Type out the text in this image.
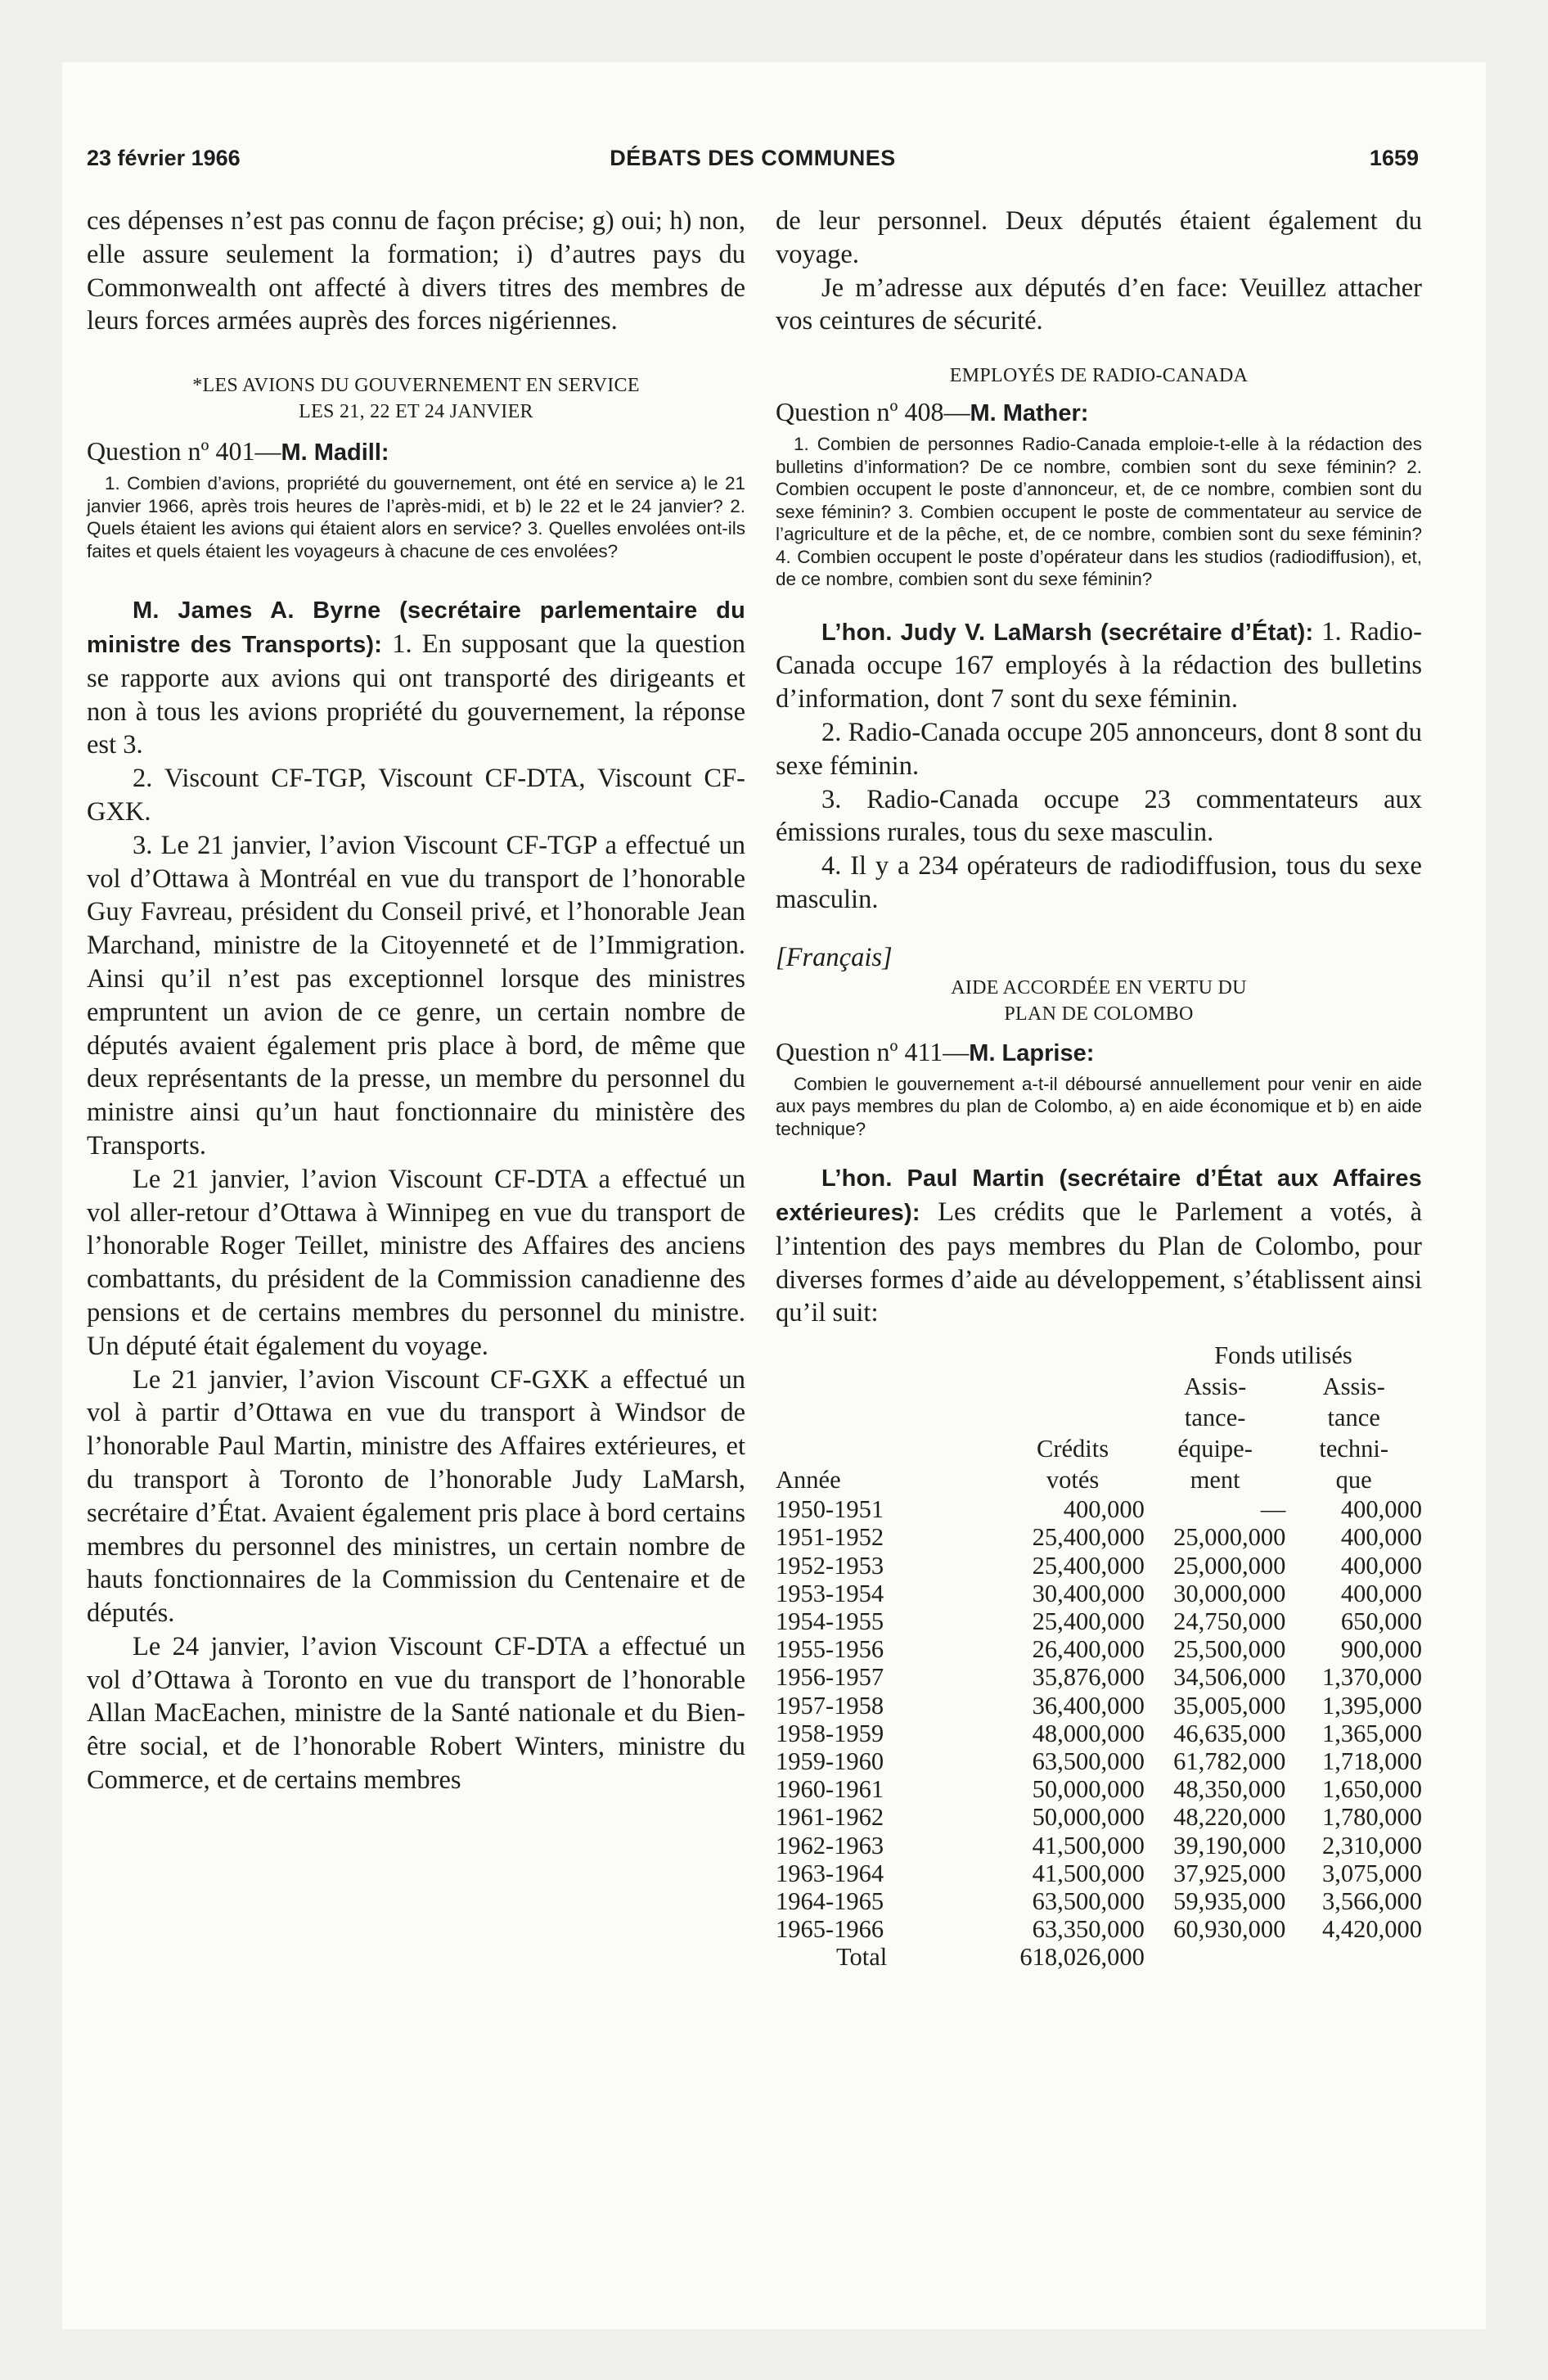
23 février 1966	DÉBATS DES COMMUNES	1659

ces dépenses n’est pas connu de façon précise; g) oui; h) non, elle assure seulement la formation; i) d’autres pays du Commonwealth ont affecté à divers titres des membres de leurs forces armées auprès des forces nigériennes.

*LES AVIONS DU GOUVERNEMENT EN SERVICE

LES 21, 22 ET 24 JANVIER

Question nº 401—M. Madill:

1. Combien d’avions, propriété du gouvernement, ont été en service a) le 21 janvier 1966, après trois heures de l’après-midi, et b) le 22 et le 24 janvier? 2. Quels étaient les avions qui étaient alors en service? 3. Quelles envolées ont-ils faites et quels étaient les voyageurs à chacune de ces envolées?

M. James A. Byrne (secrétaire parlementaire du ministre des Transports): 1. En supposant que la question se rapporte aux avions qui ont transporté des dirigeants et non à tous les avions propriété du gouvernement, la réponse est 3.

2. Viscount CF-TGP, Viscount CF-DTA, Viscount CF-GXK.

3. Le 21 janvier, l’avion Viscount CF-TGP a effectué un vol d’Ottawa à Montréal en vue du transport de l’honorable Guy Favreau, président du Conseil privé, et l’honorable Jean Marchand, ministre de la Citoyenneté et de l’Immigration. Ainsi qu’il n’est pas exceptionnel lorsque des ministres empruntent un avion de ce genre, un certain nombre de députés avaient également pris place à bord, de même que deux représentants de la presse, un membre du personnel du ministre ainsi qu’un haut fonctionnaire du ministère des Transports.

Le 21 janvier, l’avion Viscount CF-DTA a effectué un vol aller-retour d’Ottawa à Winnipeg en vue du transport de l’honorable Roger Teillet, ministre des Affaires des anciens combattants, du président de la Commission canadienne des pensions et de certains membres du personnel du ministre. Un député était également du voyage.

Le 21 janvier, l’avion Viscount CF-GXK a effectué un vol à partir d’Ottawa en vue du transport à Windsor de l’honorable Paul Martin, ministre des Affaires extérieures, et du transport à Toronto de l’honorable Judy LaMarsh, secrétaire d’État. Avaient également pris place à bord certains membres du personnel des ministres, un certain nombre de hauts fonctionnaires de la Commission du Centenaire et de députés.

Le 24 janvier, l’avion Viscount CF-DTA a effectué un vol d’Ottawa à Toronto en vue du transport de l’honorable Allan MacEachen, ministre de la Santé nationale et du Bien-être social, et de l’honorable Robert Winters, ministre du Commerce, et de certains membres

de leur personnel. Deux députés étaient également du voyage.

Je m’adresse aux députés d’en face: Veuillez attacher vos ceintures de sécurité.

EMPLOYÉS DE RADIO-CANADA

Question nº 408—M. Mather:

1. Combien de personnes Radio-Canada emploie-t-elle à la rédaction des bulletins d’information? De ce nombre, combien sont du sexe féminin? 2. Combien occupent le poste d’annonceur, et, de ce nombre, combien sont du sexe féminin? 3. Combien occupent le poste de commentateur au service de l’agriculture et de la pêche, et, de ce nombre, combien sont du sexe féminin? 4. Combien occupent le poste d’opérateur dans les studios (radiodiffusion), et, de ce nombre, combien sont du sexe féminin?

L’hon. Judy V. LaMarsh (secrétaire d’État): 1. Radio-Canada occupe 167 employés à la rédaction des bulletins d’information, dont 7 sont du sexe féminin.

2. Radio-Canada occupe 205 annonceurs, dont 8 sont du sexe féminin.

3. Radio-Canada occupe 23 commentateurs aux émissions rurales, tous du sexe masculin.

4. Il y a 234 opérateurs de radiodiffusion, tous du sexe masculin.

[Français]

AIDE ACCORDÉE EN VERTU DU

PLAN DE COLOMBO

Question nº 411—M. Laprise:

Combien le gouvernement a-t-il déboursé annuellement pour venir en aide aux pays membres du plan de Colombo, a) en aide économique et b) en aide technique?

L’hon. Paul Martin (secrétaire d’État aux Affaires extérieures): Les crédits que le Parlement a votés, à l’intention des pays membres du Plan de Colombo, pour diverses formes d’aide au développement, s’établissent ainsi qu’il suit:

		Fonds utilisés	
		Assis-	Assis-
		tance-	tance
	Crédits	équipe-	techni-
Année	votés	ment	que
1950-1951	400,000	—	400,000
1951-1952	25,400,000	25,000,000	400,000
1952-1953	25,400,000	25,000,000	400,000
1953-1954	30,400,000	30,000,000	400,000
1954-1955	25,400,000	24,750,000	650,000
1955-1956	26,400,000	25,500,000	900,000
1956-1957	35,876,000	34,506,000	1,370,000
1957-1958	36,400,000	35,005,000	1,395,000
1958-1959	48,000,000	46,635,000	1,365,000
1959-1960	63,500,000	61,782,000	1,718,000
1960-1961	50,000,000	48,350,000	1,650,000
1961-1962	50,000,000	48,220,000	1,780,000
1962-1963	41,500,000	39,190,000	2,310,000
1963-1964	41,500,000	37,925,000	3,075,000
1964-1965	63,500,000	59,935,000	3,566,000
1965-1966	63,350,000	60,930,000	4,420,000
Total	618,026,000		
